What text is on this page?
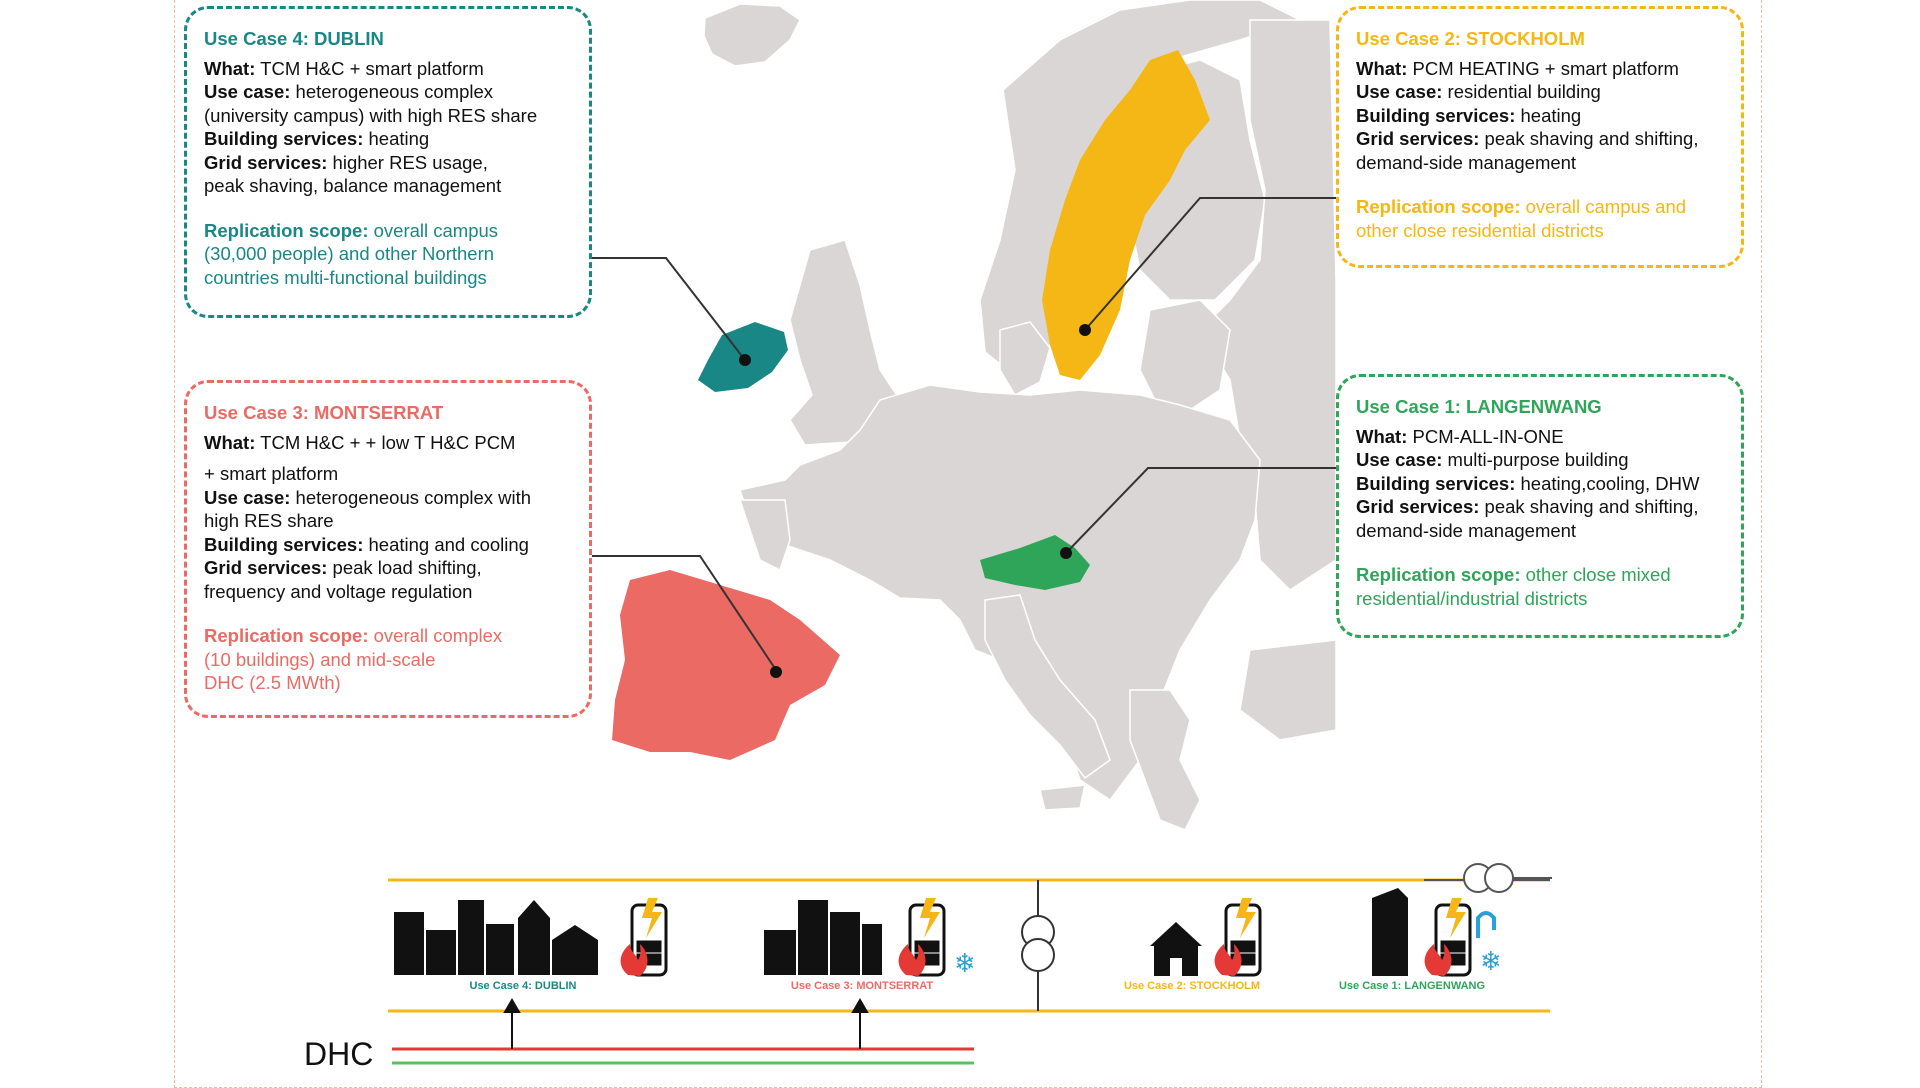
❄	❄
Use Case 4: DUBLIN
What: TCM H&C + smart platform
Use case: heterogeneous complex
(university campus) with high RES share
Building services: heating
Grid services: higher RES usage,
peak shaving, balance management
Replication scope: overall campus
(30,000 people) and other Northern
countries multi-functional buildings
Use Case 2: STOCKHOLM
What: PCM HEATING + smart platform
Use case: residential building
Building services: heating
Grid services: peak shaving and shifting,
demand-side management
Replication scope: overall campus and
other close residential districts
Use Case 3: MONTSERRAT
What: TCM H&C + + low T H&C PCM
+ smart platform
Use case: heterogeneous complex with
high RES share
Building services: heating and cooling
Grid services: peak load shifting,
frequency and voltage regulation
Replication scope: overall complex
(10 buildings) and mid-scale
DHC (2.5 MWth)
Use Case 1: LANGENWANG
What: PCM-ALL-IN-ONE
Use case: multi-purpose building
Building services: heating,cooling, DHW
Grid services: peak shaving and shifting,
demand-side management
Replication scope: other close mixed
residential/industrial districts
Use Case 4: DUBLIN	Use Case 3: MONTSERRAT	Use Case 2: STOCKHOLM	Use Case 1: LANGENWANG
DHC
